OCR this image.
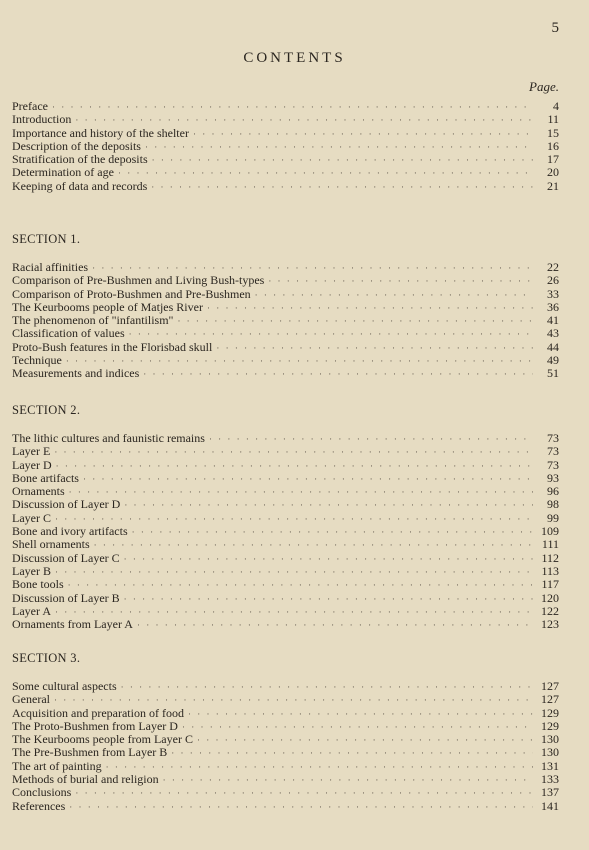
5
CONTENTS
Page.
Preface · · ·	4
Introduction · · ·	11
Importance and history of the shelter · · ·	15
Description of the deposits · · ·	16
Stratification of the deposits · · ·	17
Determination of age · · ·	20
Keeping of data and records · · ·	21
SECTION 1.
Racial affinities · · ·	22
Comparison of Pre-Bushmen and Living Bush-types · · ·	26
Comparison of Proto-Bushmen and Pre-Bushmen · · ·	33
The Keurbooms people of Matjes River · · ·	36
The phenomenon of "infantilism" · · ·	41
Classification of values · · ·	43
Proto-Bush features in the Florisbad skull · · ·	44
Technique · · ·	49
Measurements and indices · · ·	51
SECTION 2.
The lithic cultures and faunistic remains · · ·	73
Layer E · · ·	73
Layer D · · ·	73
Bone artifacts · · ·	93
Ornaments · · ·	96
Discussion of Layer D · · ·	98
Layer C · · ·	99
Bone and ivory artifacts · · ·	109
Shell ornaments · · ·	111
Discussion of Layer C · · ·	112
Layer B · · ·	113
Bone tools · · ·	117
Discussion of Layer B · · ·	120
Layer A · · ·	122
Ornaments from Layer A · · ·	123
SECTION 3.
Some cultural aspects · · ·	127
General · · ·	127
Acquisition and preparation of food · · ·	129
The Proto-Bushmen from Layer D · · ·	129
The Keurbooms people from Layer C · · ·	130
The Pre-Bushmen from Layer B · · ·	130
The art of painting · · ·	131
Methods of burial and religion · · ·	133
Conclusions · · ·	137
References · · ·	141
